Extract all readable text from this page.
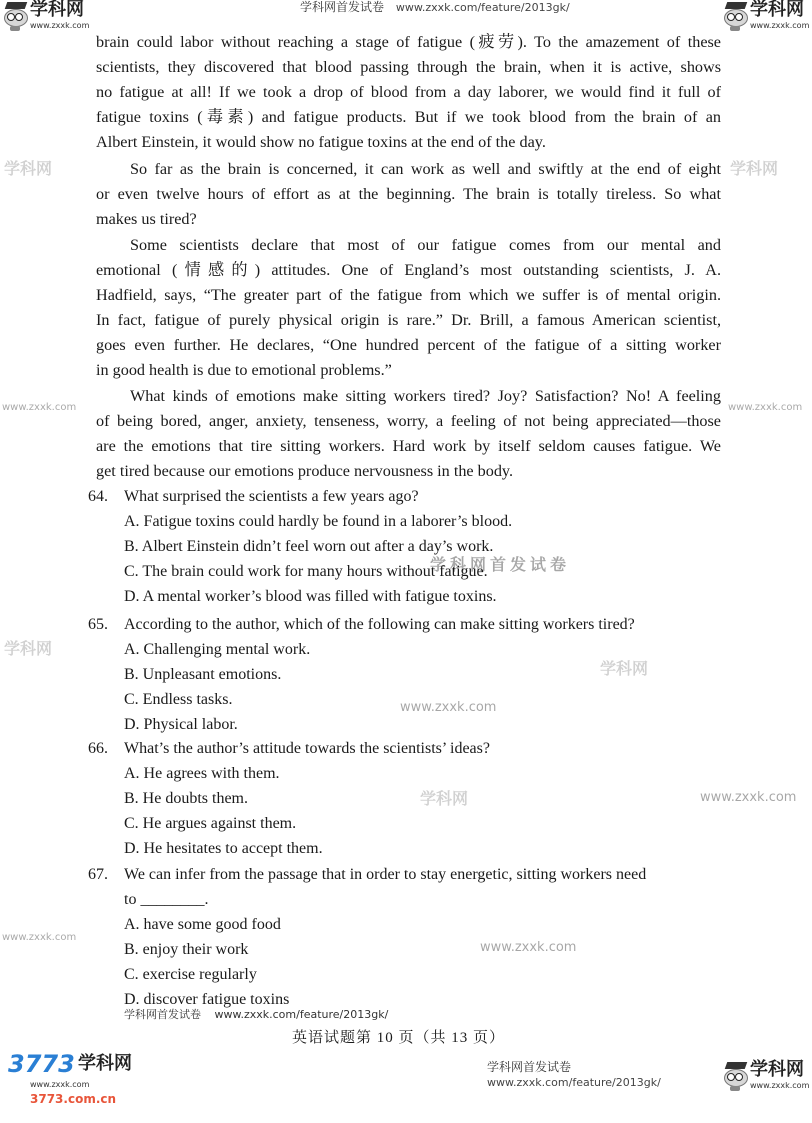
学科网
www.zxxk.com
学科网首发试卷 www.zxxk.com/feature/2013gk/	学科网
www.zxxk.com
brain could labor without reaching a stage of fatigue (疲劳). To the amazement of these
scientists, they discovered that blood passing through the brain, when it is active, shows
no fatigue at all! If we took a drop of blood from a day laborer, we would find it full of
fatigue toxins (毒素) and fatigue products. But if we took blood from the brain of an
Albert Einstein, it would show no fatigue toxins at the end of the day.
So far as the brain is concerned, it can work as well and swiftly at the end of eight
or even twelve hours of effort as at the beginning. The brain is totally tireless. So what
makes us tired?
Some scientists declare that most of our fatigue comes from our mental and
emotional (情感的) attitudes. One of England’s most outstanding scientists, J. A.
Hadfield, says, “The greater part of the fatigue from which we suffer is of mental origin.
In fact, fatigue of purely physical origin is rare.” Dr. Brill, a famous American scientist,
goes even further. He declares, “One hundred percent of the fatigue of a sitting worker
in good health is due to emotional problems.”
What kinds of emotions make sitting workers tired? Joy? Satisfaction? No! A feeling
of being bored, anger, anxiety, tenseness, worry, a feeling of not being appreciated—those
are the emotions that tire sitting workers. Hard work by itself seldom causes fatigue. We
get tired because our emotions produce nervousness in the body.
64. What surprised the scientists a few years ago?
A. Fatigue toxins could hardly be found in a laborer’s blood.
B. Albert Einstein didn’t feel worn out after a day’s work.
C. The brain could work for many hours without fatigue.
D. A mental worker’s blood was filled with fatigue toxins.
65. According to the author, which of the following can make sitting workers tired?
A. Challenging mental work.
B. Unpleasant emotions.
C. Endless tasks.
D. Physical labor.
66. What’s the author’s attitude towards the scientists’ ideas?
A. He agrees with them.
B. He doubts them.
C. He argues against them.
D. He hesitates to accept them.
67. We can infer from the passage that in order to stay energetic, sitting workers need
to ________.
A. have some good food
B. enjoy their work
C. exercise regularly
D. discover fatigue toxins
学科网
www.zxxk.com
www.zxxk.com
学科网首发试卷
学科网
www.zxxk.com
学科网
学科网
www.zxxk.com
学科网
www.zxxk.com
www.zxxk.com
学科网首发试卷 www.zxxk.com/feature/2013gk/
英语试题第 10 页（共 13 页）
3773 学科网
www.zxxk.com
3773.com.cn
学科网首发试卷
www.zxxk.com/feature/2013gk/
学科网
www.zxxk.com
